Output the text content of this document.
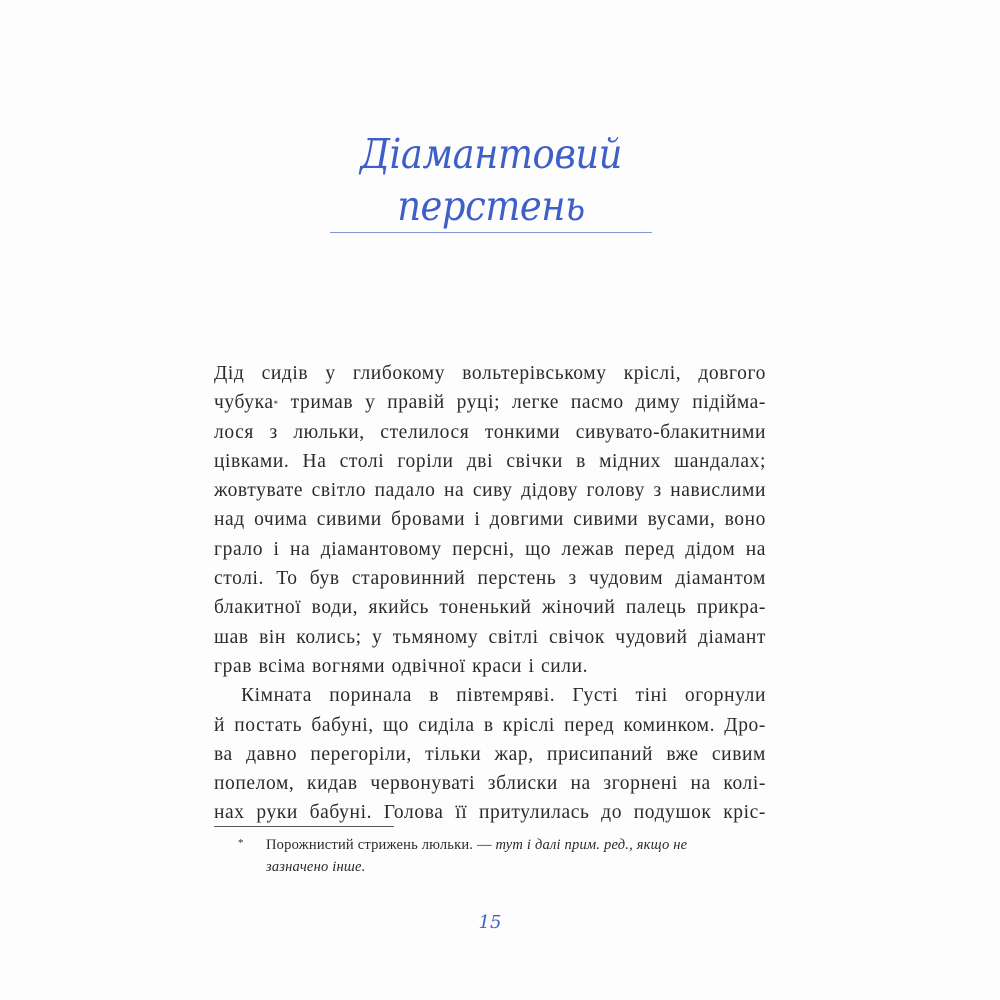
Діамантовий
перстень
Дід сидів у глибокому вольтерівському кріслі, довгого
чубука* тримав у правій руці; легке пасмо диму підійма-
лося з люльки, стелилося тонкими сивувато-блакитними
цівками. На столі горіли дві свічки в мідних шандалах;
жовтувате світло падало на сиву дідову голову з навислими
над очима сивими бровами і довгими сивими вусами, воно
грало і на діамантовому персні, що лежав перед дідом на
столі. То був старовинний перстень з чудовим діамантом
блакитної води, якийсь тоненький жіночий палець прикра-
шав він колись; у тьмяному світлі свічок чудовий діамант
грав всіма вогнями одвічної краси і сили.
Кімната поринала в півтемряві. Густі тіні огорнули
й постать бабуні, що сиділа в кріслі перед коминком. Дро-
ва давно перегоріли, тільки жар, присипаний вже сивим
попелом, кидав червонуваті зблиски на згорнені на колі-
нах руки бабуні. Голова її притулилась до подушок кріс-
* Порожнистий стрижень люльки. — тут і далі прим. ред., якщо не
зазначено інше.
15
